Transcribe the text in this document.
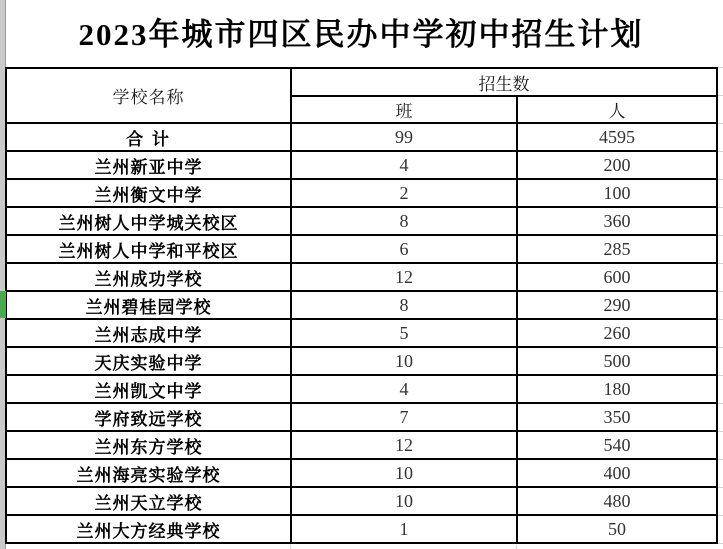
2023年城市四区民办中学初中招生计划
学校名称	招生数	
	班	人
合 计	99	4595
兰州新亚中学	4	200
兰州衡文中学	2	100
兰州树人中学城关校区	8	360
兰州树人中学和平校区	6	285
兰州成功学校	12	600
兰州碧桂园学校	8	290
兰州志成中学	5	260
天庆实验中学	10	500
兰州凯文中学	4	180
学府致远学校	7	350
兰州东方学校	12	540
兰州海亮实验学校	10	400
兰州天立学校	10	480
兰州大方经典学校	1	50
